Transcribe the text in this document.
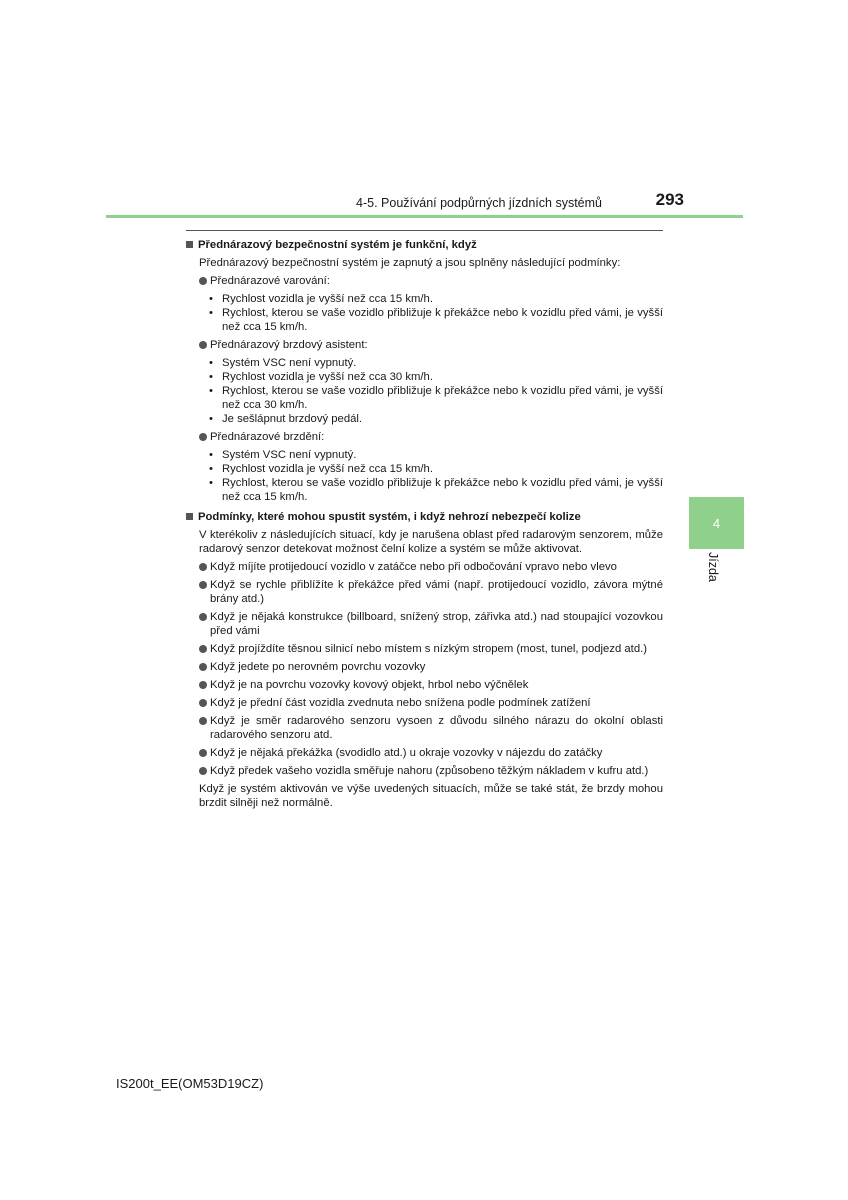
4-5. Používání podpůrných jízdních systémů	293
4
Jízda
Přednárazový bezpečnostní systém je funkční, když
Přednárazový bezpečnostní systém je zapnutý a jsou splněny následující podmínky:
Přednárazové varování:
• Rychlost vozidla je vyšší než cca 15 km/h.
• Rychlost, kterou se vaše vozidlo přibližuje k překážce nebo k vozidlu před vámi, je vyšší než cca 15 km/h.
Přednárazový brzdový asistent:
• Systém VSC není vypnutý.
• Rychlost vozidla je vyšší než cca 30 km/h.
• Rychlost, kterou se vaše vozidlo přibližuje k překážce nebo k vozidlu před vámi, je vyšší než cca 30 km/h.
• Je sešlápnut brzdový pedál.
Přednárazové brzdění:
• Systém VSC není vypnutý.
• Rychlost vozidla je vyšší než cca 15 km/h.
• Rychlost, kterou se vaše vozidlo přibližuje k překážce nebo k vozidlu před vámi, je vyšší než cca 15 km/h.
Podmínky, které mohou spustit systém, i když nehrozí nebezpečí kolize
V kterékoliv z následujících situací, kdy je narušena oblast před radarovým senzorem, může radarový senzor detekovat možnost čelní kolize a systém se může aktivovat.
Když míjíte protijedoucí vozidlo v zatáčce nebo při odbočování vpravo nebo vlevo
Když se rychle přiblížíte k překážce před vámi (např. protijedoucí vozidlo, závora mýtné brány atd.)
Když je nějaká konstrukce (billboard, snížený strop, zářivka atd.) nad stoupající vozovkou před vámi
Když projíždíte těsnou silnicí nebo místem s nízkým stropem (most, tunel, podjezd atd.)
Když jedete po nerovném povrchu vozovky
Když je na povrchu vozovky kovový objekt, hrbol nebo výčnělek
Když je přední část vozidla zvednuta nebo snížena podle podmínek zatížení
Když je směr radarového senzoru vysoen z důvodu silného nárazu do okolní oblasti radarového senzoru atd.
Když je nějaká překážka (svodidlo atd.) u okraje vozovky v nájezdu do zatáčky
Když předek vašeho vozidla směřuje nahoru (způsobeno těžkým nákladem v kufru atd.)
Když je systém aktivován ve výše uvedených situacích, může se také stát, že brzdy mohou brzdit silněji než normálně.
IS200t_EE(OM53D19CZ)
